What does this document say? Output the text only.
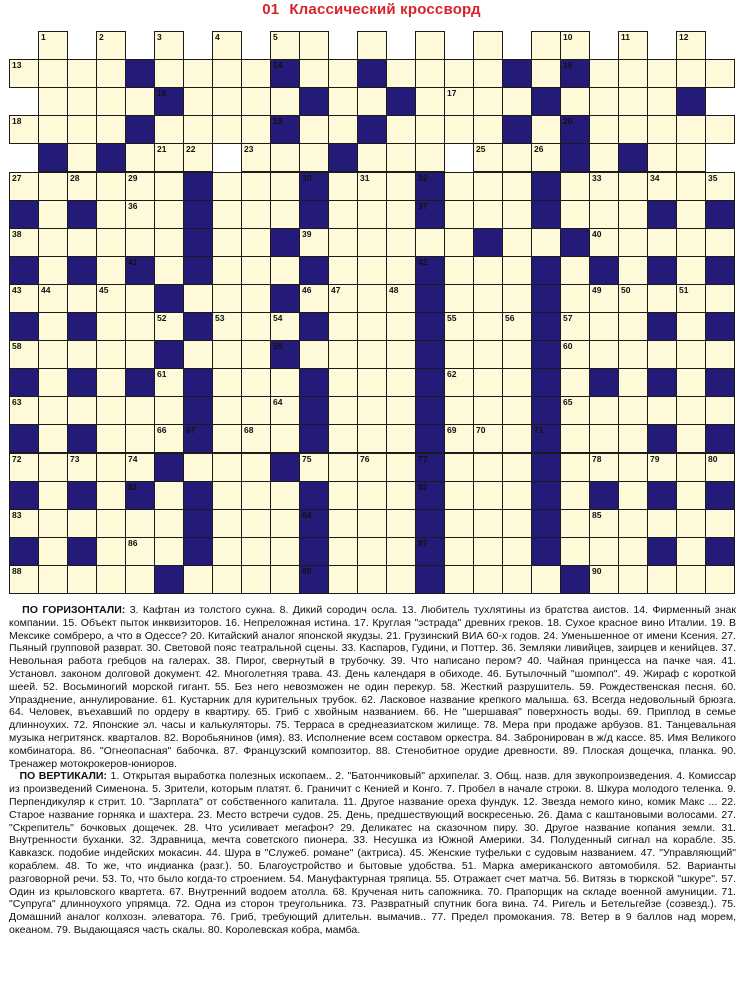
01 Классический кроссворд
1	2	3	4	5	10	11	12
13	14	15
16	17
18	19	20
21 22	23	25	26
27	28	29	30	31	32	33	34	35
36	37
38	39	40
41	42
43 44	45	46 47	48	49 50	51
52	53	54	55	56	57
58	59	60
61	62
63	64	65
66 67	68	69 70	71
72	73	74	75	76	77	78	79	80
81	82
83	84	85
86	87
88	89	90

ПО ГОРИЗОНТАЛИ: 3. Кафтан из толстого сукна. 8. Дикий сородич осла. 13. Любитель тухлятины из братства аистов. 14. Фирменный знак компании. 15. Объект пыток инквизиторов. 16. Непреложная истина. 17. Круглая "эстрада" древних греков. 18. Сухое красное вино Италии. 19. В Мексике сомбреро, а что в Одессе? 20. Китайский аналог японской якудзы. 21. Грузинский ВИА 60-х годов. 24. Уменьшенное от имени Ксения. 27. Пьяный групповой разврат. 30. Световой пояс театральной сцены. 33. Каспаров, Гудини, и Поттер. 36. Земляки ливийцев, заирцев и кенийцев. 37. Невольная работа гребцов на галерах. 38. Пирог, свернутый в трубочку. 39. Что написано пером? 40. Чайная принцесса на пачке чая. 41. Установл. законом долговой документ. 42. Многолетняя трава. 43. День календаря в обиходе. 46. Бутылочный "шомпол". 49. Жираф с короткой шеей. 52. Восьминогий морской гигант. 55. Без него невозможен не один перекур. 58. Жесткий разрушитель. 59. Рождественская песня. 60. Упразднение, аннулирование. 61. Кустарник для курительных трубок. 62. Ласковое название крепкого малыша. 63. Всегда недовольный брюзга. 64. Человек, въехавший по ордеру в квартиру. 65. Гриб с хвойным названием. 66. Не "шершавая" поверхность воды. 69. Приплод в семье длинноухих. 72. Японские эл. часы и калькуляторы. 75. Терраса в среднеазиатском жилище. 78. Мера при продаже арбузов. 81. Танцевальная музыка негритянск. кварталов. 82. Воробьянинов (имя). 83. Исполнение всем составом оркестра. 84. Забронирован в ж/д кассе. 85. Имя Великого комбинатора. 86. "Огнеопасная" бабочка. 87. Французский композитор. 88. Стенобитное орудие древности. 89. Плоская дощечка, планка. 90. Тренажер мотокрокеров-юниоров.

ПО ВЕРТИКАЛИ: 1. Открытая выработка полезных ископаем.. 2. "Батончиковый" архипелаг. 3. Общ. назв. для звукопроизведения. 4. Комиссар из произведений Сименона. 5. Зрители, которым платят. 6. Граничит с Кенией и Конго. 7. Пробел в начале строки. 8. Шкура молодого теленка. 9. Перпендикуляр к стрит. 10. "Зарплата" от собственного капитала. 11. Другое название ореха фундук. 12. Звезда немого кино, комик Макс ... 22. Старое название горняка и шахтера. 23. Место встречи судов. 25. День, предшествующий воскресенью. 26. Дама с каштановыми волосами. 27. "Скрепитель" бочковых дощечек. 28. Что усиливает мегафон? 29. Деликатес на сказочном пиру. 30. Другое название копания земли. 31. Внутренности буханки. 32. Здравница, мечта советского пионера. 33. Несушка из Южной Америки. 34. Полуденный сигнал на корабле. 35. Кавказск. подобие индейских мокасин. 44. Шура в "Служеб. романе" (актриса). 45. Женские туфельки с судовым названием. 47. "Управляющий" кораблем. 48. То же, что индианка (разг.). 50. Благоустройство и бытовые удобства. 51. Марка американского автомобиля. 52. Варианты разговорной речи. 53. То, что было когда-то строением. 54. Мануфактурная тряпица. 55. Отражает счет матча. 56. Витязь в тюркской "шкуре". 57. Один из крыловского квартета. 67. Внутренний водоем атолла. 68. Крученая нить сапожника. 70. Прапорщик на складе военной амуниции. 71. "Супруга" длинноухого упрямца. 72. Одна из сторон треугольника. 73. Развратный спутник бога вина. 74. Ригель и Бетельгейзе (созвезд.). 75. Домашний аналог колхозн. элеватора. 76. Гриб, требующий длительн. вымачив.. 77. Предел промокания. 78. Ветер в 9 баллов над морем, океаном. 79. Выдающаяся часть скалы. 80. Королевская кобра, мамба.
